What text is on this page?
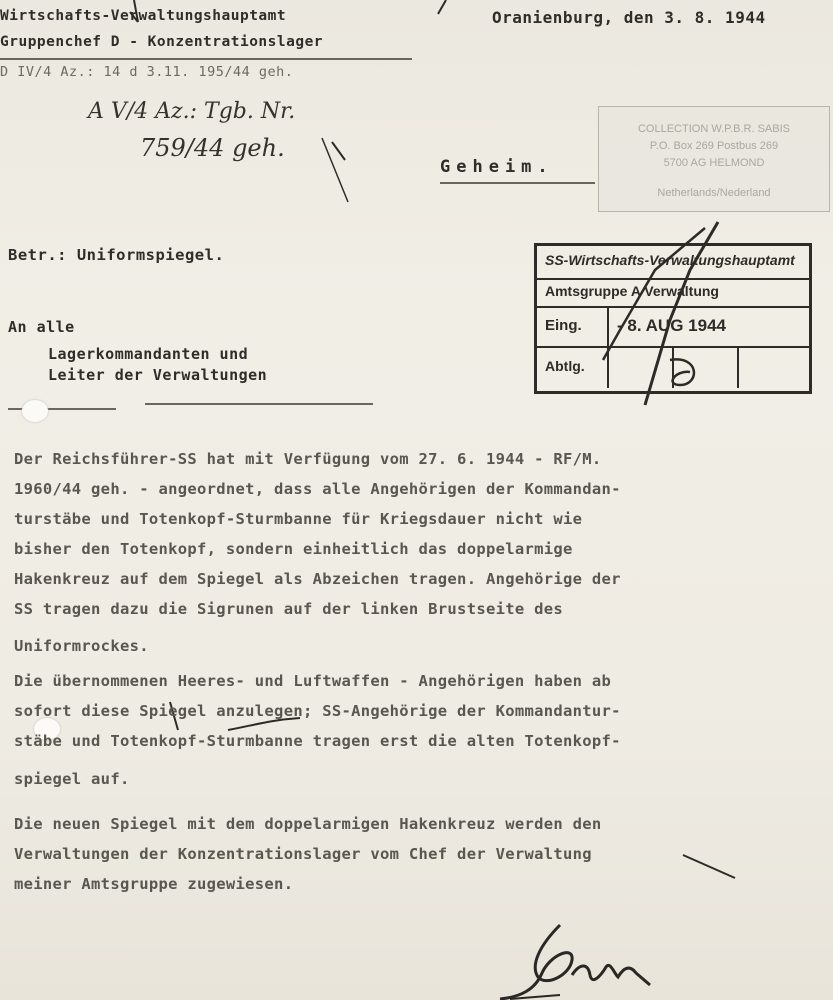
Wirtschafts-Verwaltungshauptamt
Gruppenchef D - Konzentrationslager
D IV/4 Az.: 14 d 3.11. 195/44 geh.
Oranienburg, den 3. 8. 1944
A V/4 Az.: Tgb. Nr.
759/44 geh.
Geheim.
COLLECTION W.P.B.R. SABIS
P.O. Box 269 Postbus 269
5700 AG HELMOND
Netherlands/Nederland
SS-Wirtschafts-Verwaltungshauptamt
Amtsgruppe A Verwaltung
Eing. - 8. AUG 1944
Abtlg.
Betr.: Uniformspiegel.
An alle
Lagerkommandanten und
Leiter der Verwaltungen
Der Reichsführer-SS hat mit Verfügung vom 27. 6. 1944 - RF/M.
1960/44 geh. - angeordnet, dass alle Angehörigen der Kommandan-
turstäbe und Totenkopf-Sturmbanne für Kriegsdauer nicht wie
bisher den Totenkopf, sondern einheitlich das doppelarmige
Hakenkreuz auf dem Spiegel als Abzeichen tragen. Angehörige der
SS tragen dazu die Sigrunen auf der linken Brustseite des
Uniformrockes.
Die übernommenen Heeres- und Luftwaffen - Angehörigen haben ab
sofort diese Spiegel anzulegen; SS-Angehörige der Kommandantur-
stäbe und Totenkopf-Sturmbanne tragen erst die alten Totenkopf-
spiegel auf.
Die neuen Spiegel mit dem doppelarmigen Hakenkreuz werden den
Verwaltungen der Konzentrationslager vom Chef der Verwaltung
meiner Amtsgruppe zugewiesen.
